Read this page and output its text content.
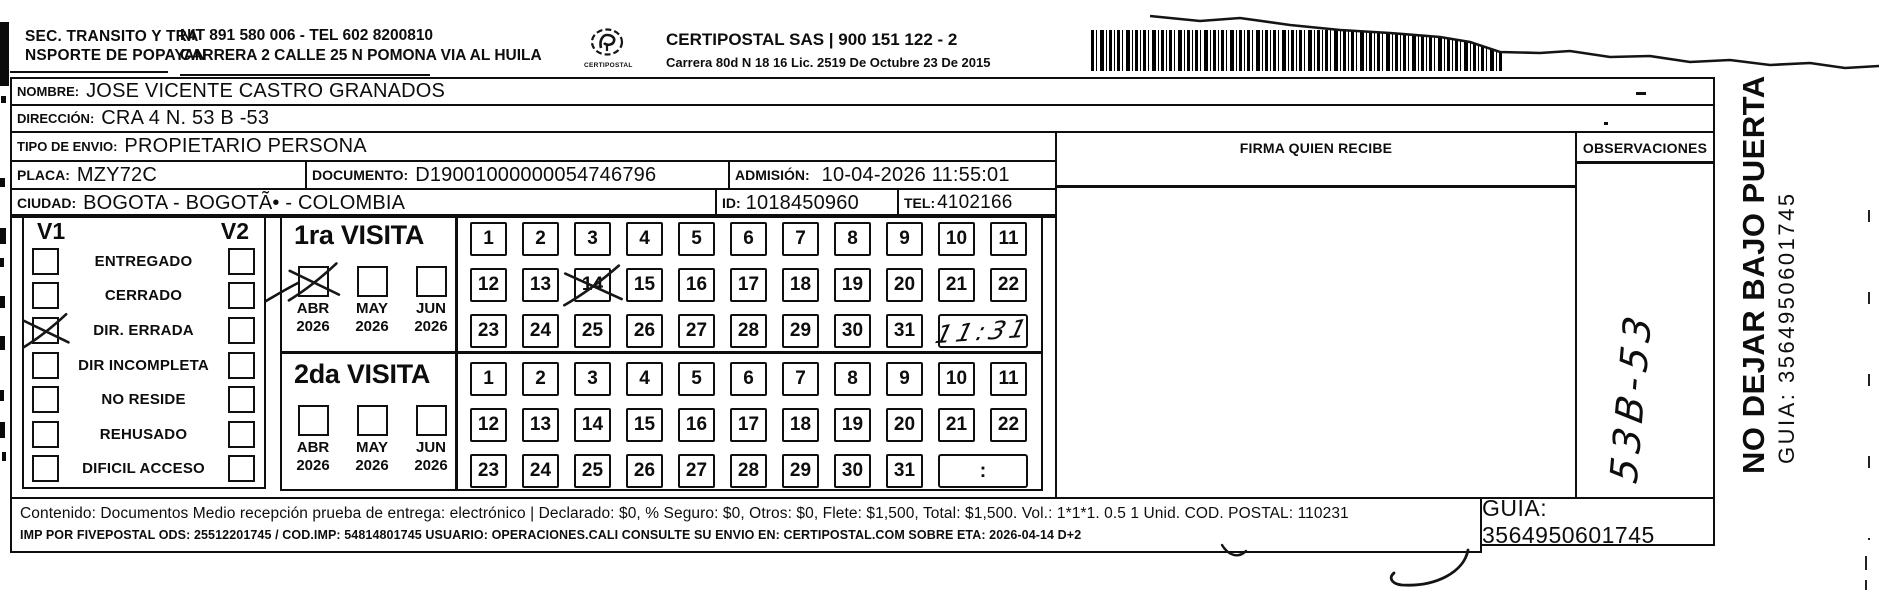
SEC. TRANSITO Y TRA
NSPORTE DE POPAYAN
NIT 891 580 006 - TEL 602 8200810
CARRERA 2 CALLE 25 N POMONA VIA AL HUILA
CERTIPOSTAL
CERTIPOSTAL SAS | 900 151 122 - 2
Carrera 80d N 18 16 Lic. 2519 De Octubre 23 De 2015
NOMBRE: JOSE VICENTE CASTRO GRANADOS
DIRECCIÓN: CRA 4 N. 53 B -53
TIPO DE ENVIO: PROPIETARIO PERSONA	FIRMA QUIEN RECIBE	OBSERVACIONES
PLACA: MZY72C	DOCUMENTO: D19001000000054746796	ADMISIÓN: 10-04-2026 11:55:01
CIUDAD: BOGOTA - BOGOTÃ• - COLOMBIA	ID: 1018450960	TEL: 4102166
V1	V2
ENTREGADO
CERRADO
DIR. ERRADA
DIR INCOMPLETA
NO RESIDE
REHUSADO
DIFICIL ACCESO
1ra VISITA
ABR
2026
MAY
2026
JUN
2026
1 2 3 4 5 6 7 8 9 10 11
12 13 14 15 16 17 18 19 20 21 22
23 24 25 26 27 28 29 30 31 11:31
2da VISITA
ABR
2026
MAY
2026
JUN
2026
1 2 3 4 5 6 7 8 9 10 11
12 13 14 15 16 17 18 19 20 21 22
23 24 25 26 27 28 29 30 31	:
Contenido: Documentos Medio recepción prueba de entrega: electrónico | Declarado: $0, % Seguro: $0, Otros: $0, Flete: $1,500, Total: $1,500. Vol.: 1*1*1. 0.5 1 Unid. COD. POSTAL: 110231
IMP POR FIVEPOSTAL ODS: 25512201745 / COD.IMP: 54814801745 USUARIO: OPERACIONES.CALI CONSULTE SU ENVIO EN: CERTIPOSTAL.COM SOBRE ETA: 2026-04-14 D+2
GUIA: 3564950601745
NO DEJAR BAJO PUERTA GUIA: 3564950601745
53B-53
